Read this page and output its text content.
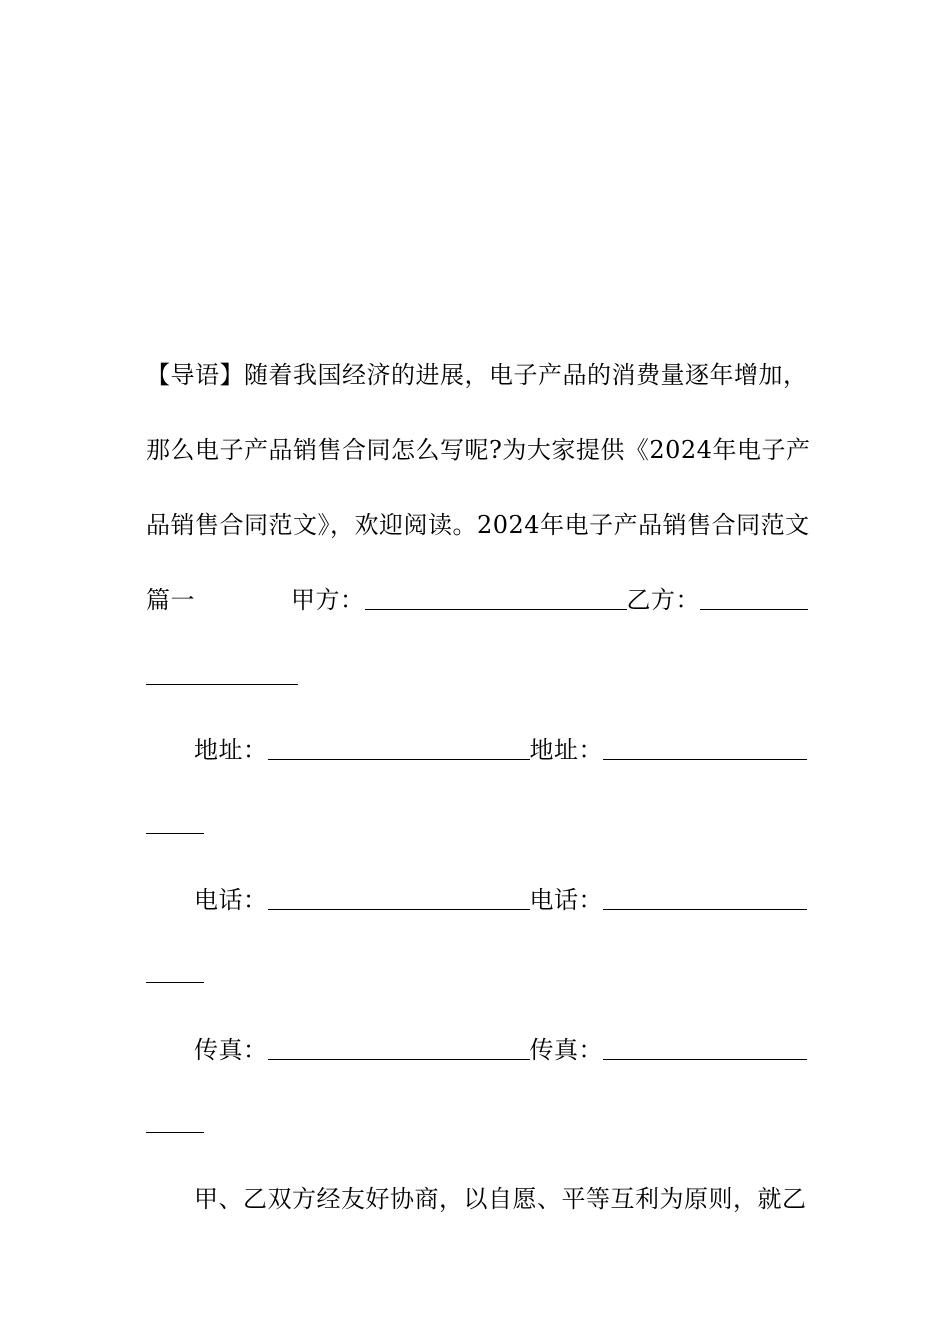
【导语】随着我国经济的进展，电子产品的消费量逐年增加，
那么电子产品销售合同怎么写呢?为大家提供《2024年电子产
品销售合同范文》，欢迎阅读。2024年电子产品销售合同范文
篇一	甲方：	乙方：
地址：	地址：
电话：	电话：
传真：	传真：
甲、乙双方经友好协商，以自愿、平等互利为原则，就乙
